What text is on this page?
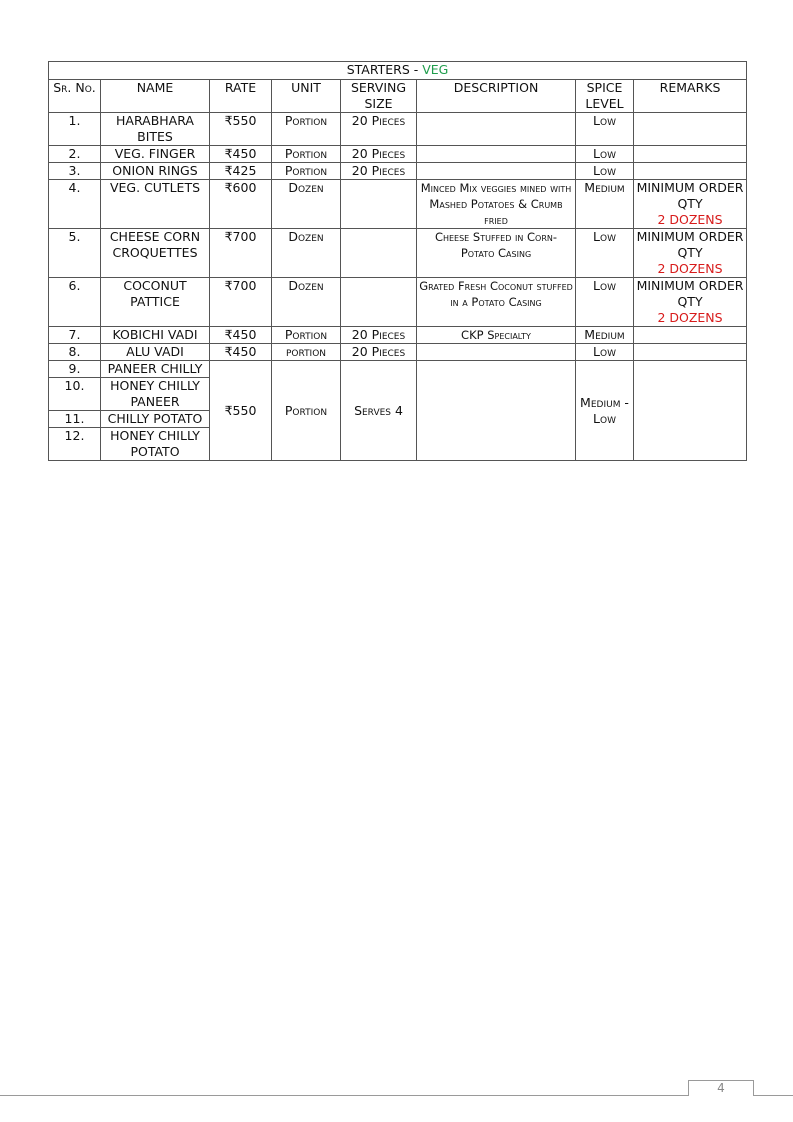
STARTERS - VEG							
Sr. No.	NAME	RATE	UNIT	SERVING SIZE	DESCRIPTION	SPICE LEVEL	REMARKS
1.	HARABHARA BITES	₹550	Portion	20 Pieces		Low	

2.	VEG. FINGER	₹450	Portion	20 Pieces		Low	

3.	ONION RINGS	₹425	Portion	20 Pieces		Low	

4.	VEG. CUTLETS	₹600	Dozen		Minced Mix veggies mined with Mashed Potatoes & Crumb fried	Medium	MINIMUM ORDER QTY
2 DOZENS
5.	CHEESE CORN CROQUETTES	₹700	Dozen		Cheese Stuffed in Corn-Potato Casing	Low	MINIMUM ORDER QTY
2 DOZENS
6.	COCONUT PATTICE	₹700	Dozen		Grated Fresh Coconut stuffed in a Potato Casing	Low	MINIMUM ORDER QTY
2 DOZENS
7.	KOBICHI VADI	₹450	Portion	20 Pieces	CKP Specialty	Medium	

8.	ALU VADI	₹450	portion	20 Pieces		Low	

9.	PANEER CHILLY	₹550	Portion	Serves 4		Medium - Low	
10.	HONEY CHILLY PANEER						
11.	CHILLY POTATO						
12.	HONEY CHILLY POTATO						
4
